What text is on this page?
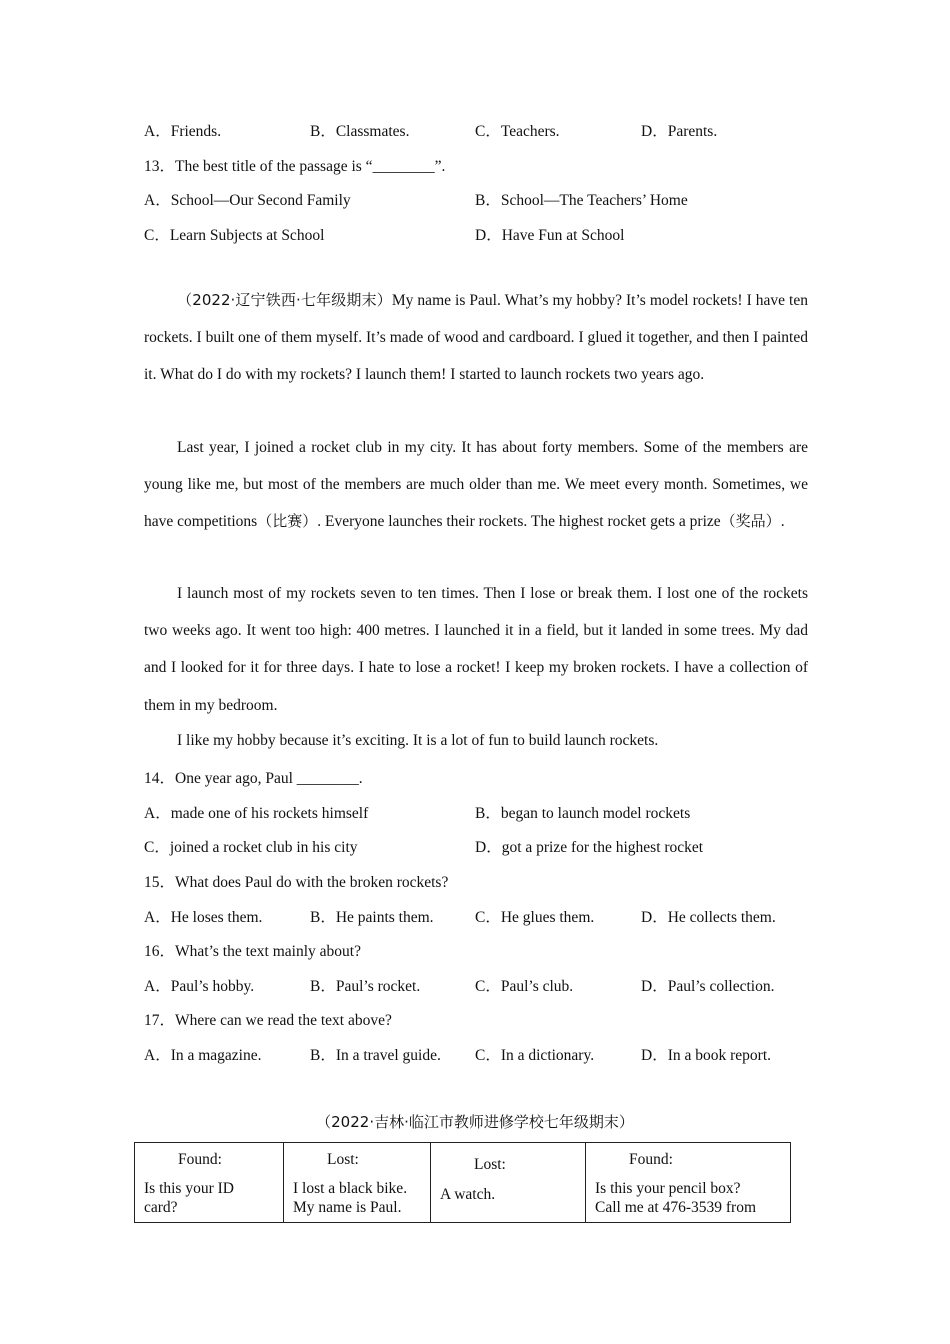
A．Friends.	B．Classmates.	C．Teachers.	D．Parents.
13．The best title of the passage is “________”.
A．School—Our Second Family	B．School—The Teachers’ Home
C．Learn Subjects at School	D．Have Fun at School
（2022·辽宁铁西·七年级期末）My name is Paul. What’s my hobby? It’s model rockets! I have ten rockets. I built one of them myself. It’s made of wood and cardboard. I glued it together, and then I painted it. What do I do with my rockets? I launch them! I started to launch rockets two years ago.
Last year, I joined a rocket club in my city. It has about forty members. Some of the members are young like me, but most of the members are much older than me. We meet every month. Sometimes, we have competitions（比赛）. Everyone launches their rockets. The highest rocket gets a prize（奖品）.
I launch most of my rockets seven to ten times. Then I lose or break them. I lost one of the rockets two weeks ago. It went too high: 400 metres. I launched it in a field, but it landed in some trees. My dad and I looked for it for three days. I hate to lose a rocket! I keep my broken rockets. I have a collection of them in my bedroom.
I like my hobby because it’s exciting. It is a lot of fun to build launch rockets.
14．One year ago, Paul ________.
A．made one of his rockets himself	B．began to launch model rockets
C．joined a rocket club in his city	D．got a prize for the highest rocket
15．What does Paul do with the broken rockets?
A．He loses them.	B．He paints them.	C．He glues them.	D．He collects them.
16．What’s the text mainly about?
A．Paul’s hobby.	B．Paul’s rocket.	C．Paul’s club.	D．Paul’s collection.
17．Where can we read the text above?
A．In a magazine.	B．In a travel guide. C．In a dictionary.	D．In a book report.
（2022·吉林·临江市教师进修学校七年级期末）
Found:
Is this your ID
card?

Lost:
I lost a black bike.
My name is Paul.

Lost:
A watch.

Found:
Is this your pencil box?
Call me at 476-3539 from
